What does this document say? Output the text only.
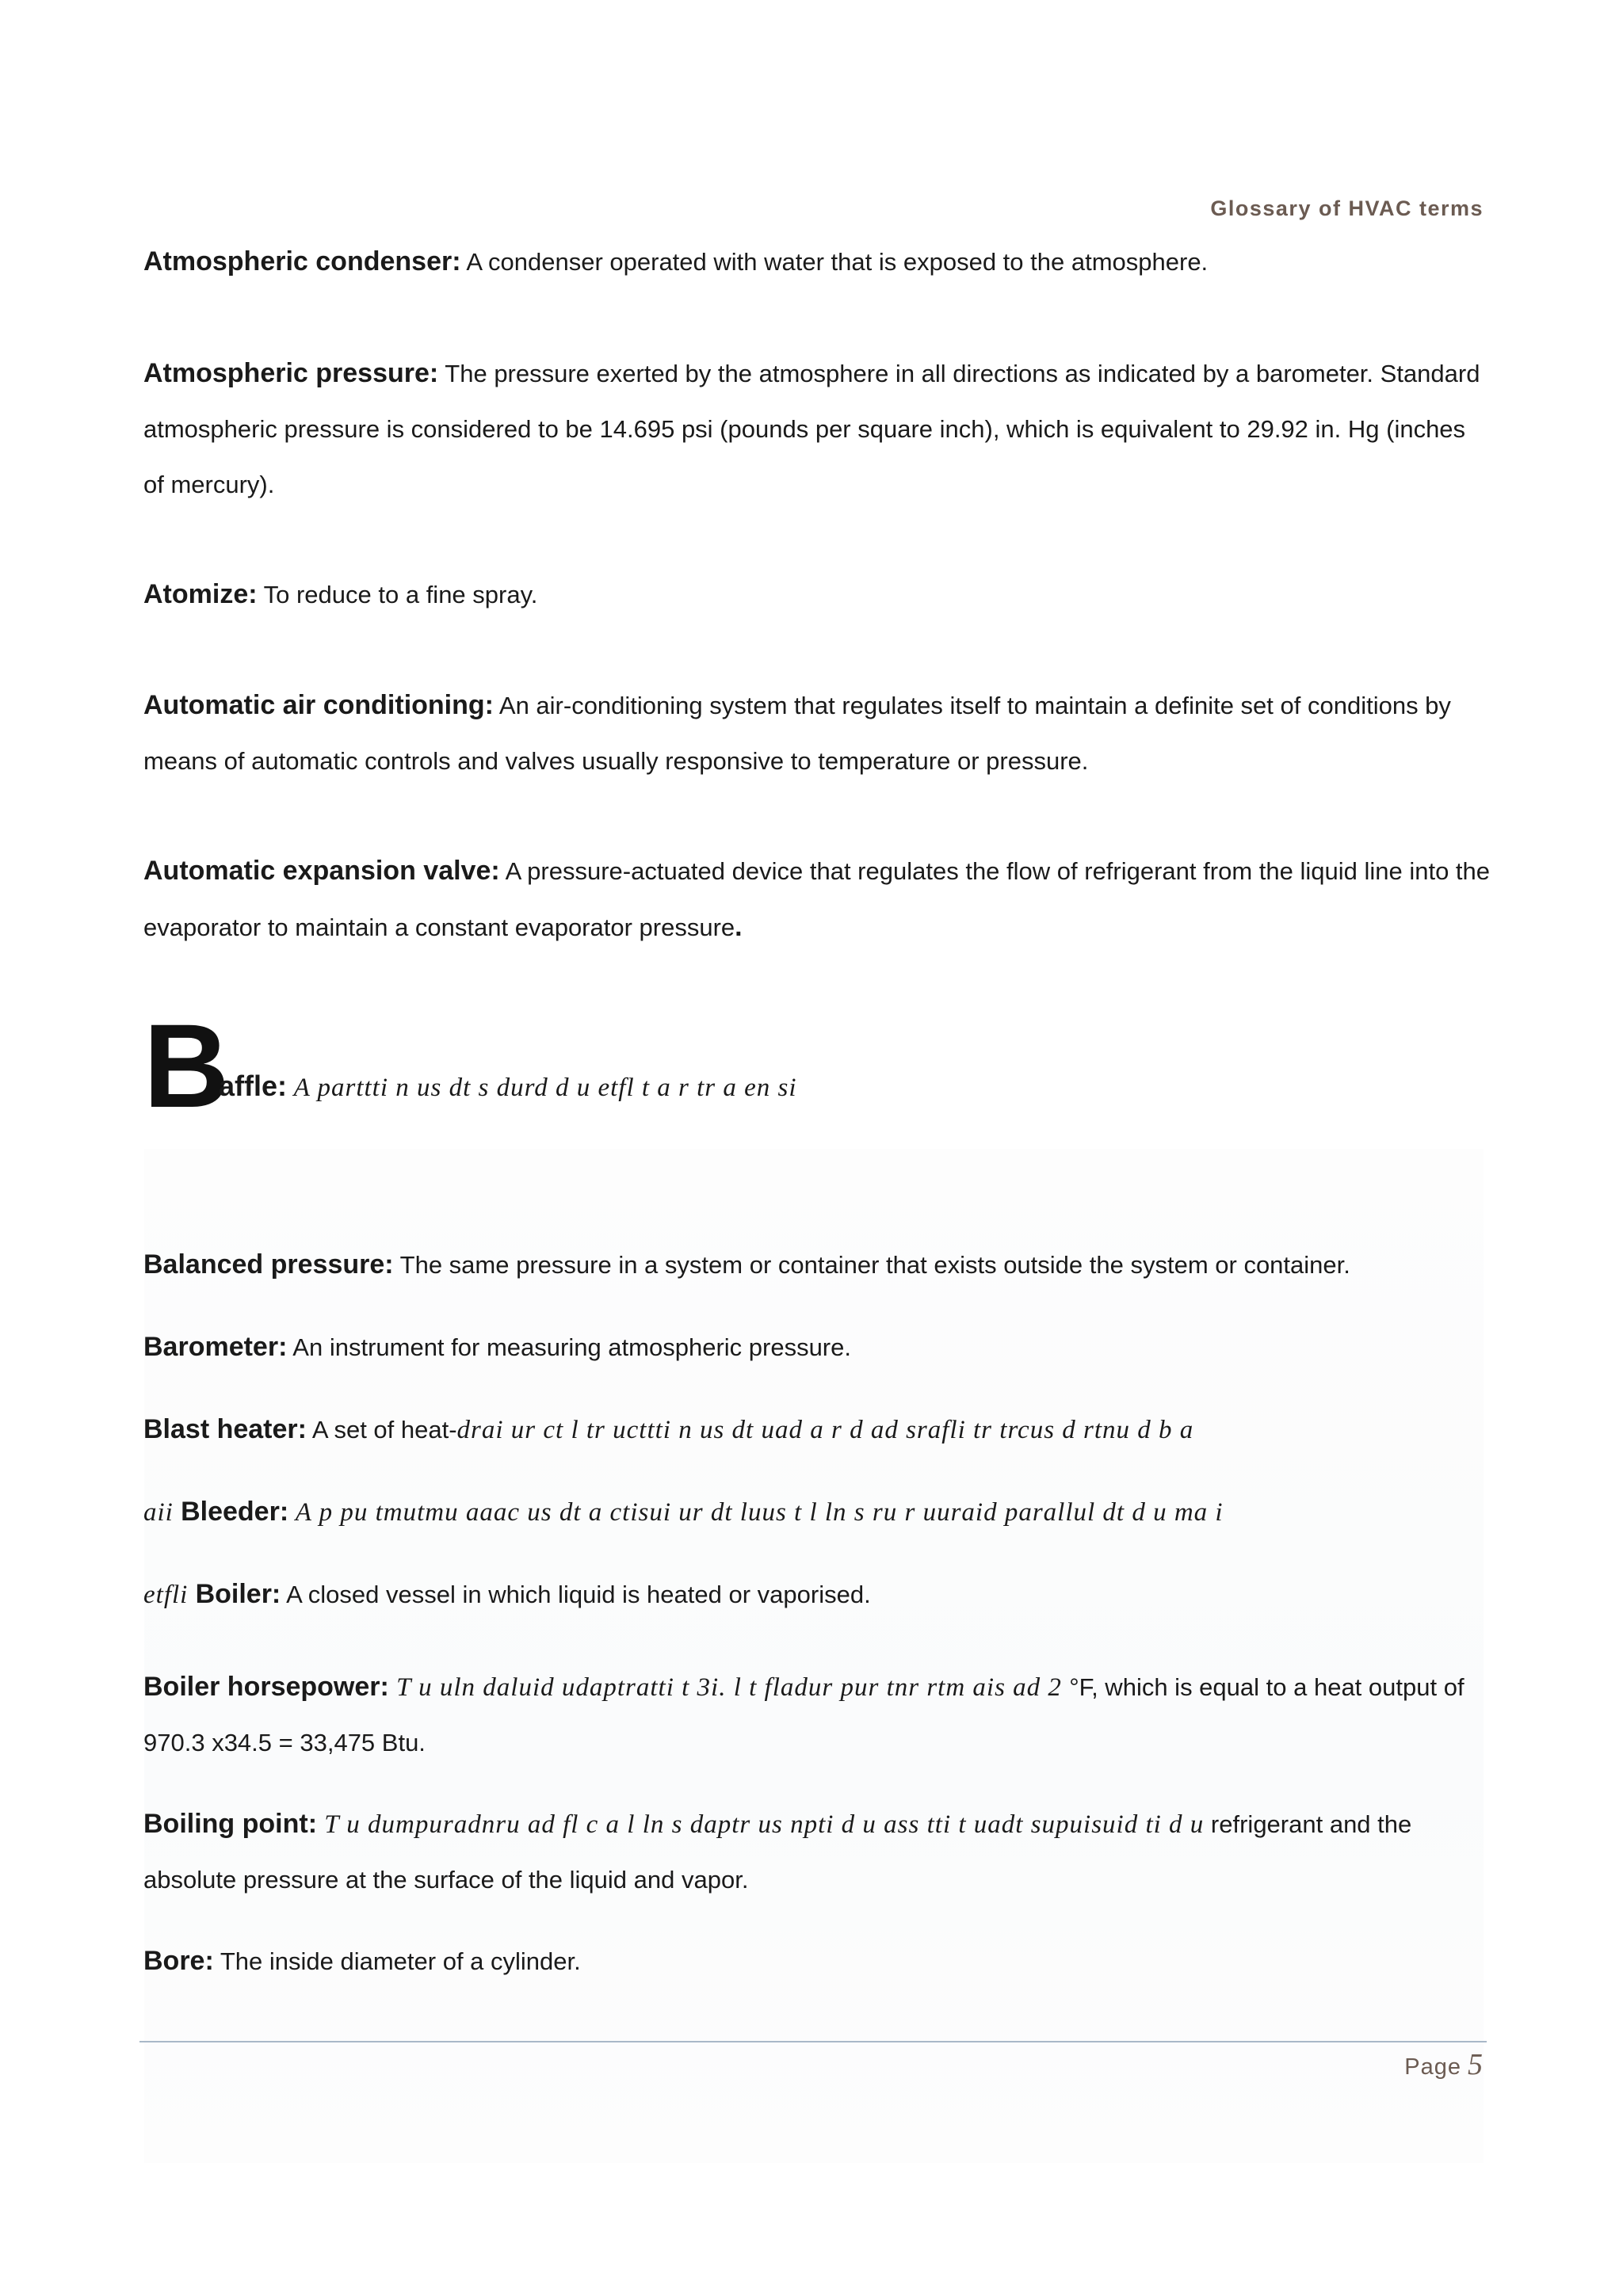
Glossary of HVAC terms
Atmospheric condenser: A condenser operated with water that is exposed to the atmosphere.
Atmospheric pressure: The pressure exerted by the atmosphere in all directions as indicated by a barometer. Standard atmospheric pressure is considered to be 14.695 psi (pounds per square inch), which is equivalent to 29.92 in. Hg (inches of mercury).
Atomize: To reduce to a fine spray.
Automatic air conditioning: An air-conditioning system that regulates itself to maintain a definite set of conditions by means of automatic controls and valves usually responsive to temperature or pressure.
Automatic expansion valve: A pressure-actuated device that regulates the flow of refrigerant from the liquid line into the evaporator to maintain a constant evaporator pressure.
B
affle: A parttti n us dt s durd d u etfl t a r tr a en si
Balanced pressure: The same pressure in a system or container that exists outside the system or container.
Barometer: An instrument for measuring atmospheric pressure.
Blast heater: A set of heat-drai ur ct l tr ucttti n us dt uad a r d ad srafli tr trcus d rtnu d b a
aii Bleeder: A p pu tmutmu aaac us dt a ctisui ur dt luus t l ln s ru r uuraid parallul dt d u ma i
etfli Boiler: A closed vessel in which liquid is heated or vaporised.
Boiler horsepower: T u uln daluid udaptratti t 3i. l t fladur pur tnr rtm ais ad 2 °F, which is equal to a heat output of 970.3 x34.5 = 33,475 Btu.
Boiling point: T u dumpuradnru ad fl c a l ln s daptr us npti d u ass tti t uadt supuisuid ti d u refrigerant and the absolute pressure at the surface of the liquid and vapor.
Bore: The inside diameter of a cylinder.
Page 5
